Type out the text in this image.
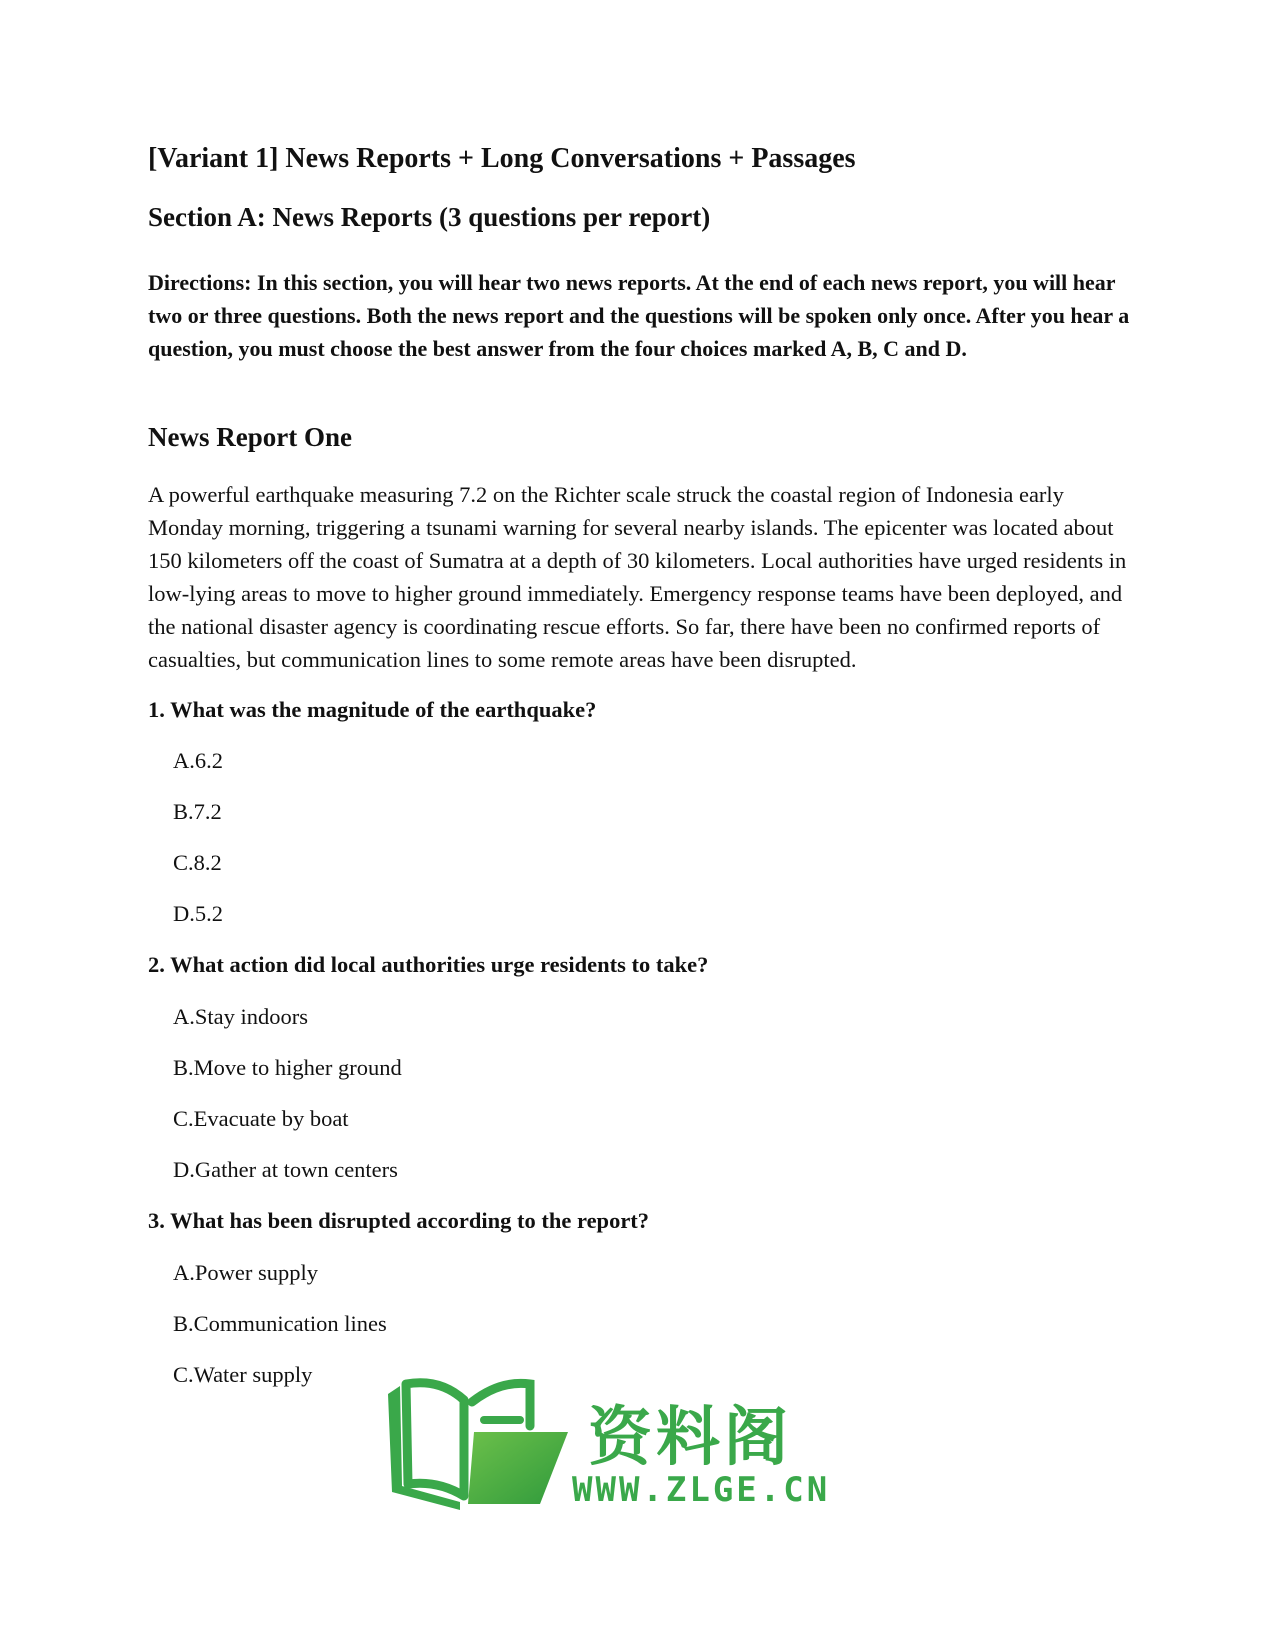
[Variant 1] News Reports + Long Conversations + Passages
Section A: News Reports (3 questions per report)

Directions: In this section, you will hear two news reports. At the end of each news report, you will hear two or three questions. Both the news report and the questions will be spoken only once. After you hear a question, you must choose the best answer from the four choices marked A, B, C and D.

News Report One

A powerful earthquake measuring 7.2 on the Richter scale struck the coastal region of Indonesia early Monday morning, triggering a tsunami warning for several nearby islands. The epicenter was located about 150 kilometers off the coast of Sumatra at a depth of 30 kilometers. Local authorities have urged residents in low-lying areas to move to higher ground immediately. Emergency response teams have been deployed, and the national disaster agency is coordinating rescue efforts. So far, there have been no confirmed reports of casualties, but communication lines to some remote areas have been disrupted.

1. What was the magnitude of the earthquake?

A.6.2

B.7.2

C.8.2

D.5.2

2. What action did local authorities urge residents to take?

A.Stay indoors

B.Move to higher ground

C.Evacuate by boat

D.Gather at town centers

3. What has been disrupted according to the report?

A.Power supply

B.Communication lines

C.Water supply

资料阁
WWW.ZLGE.CN
